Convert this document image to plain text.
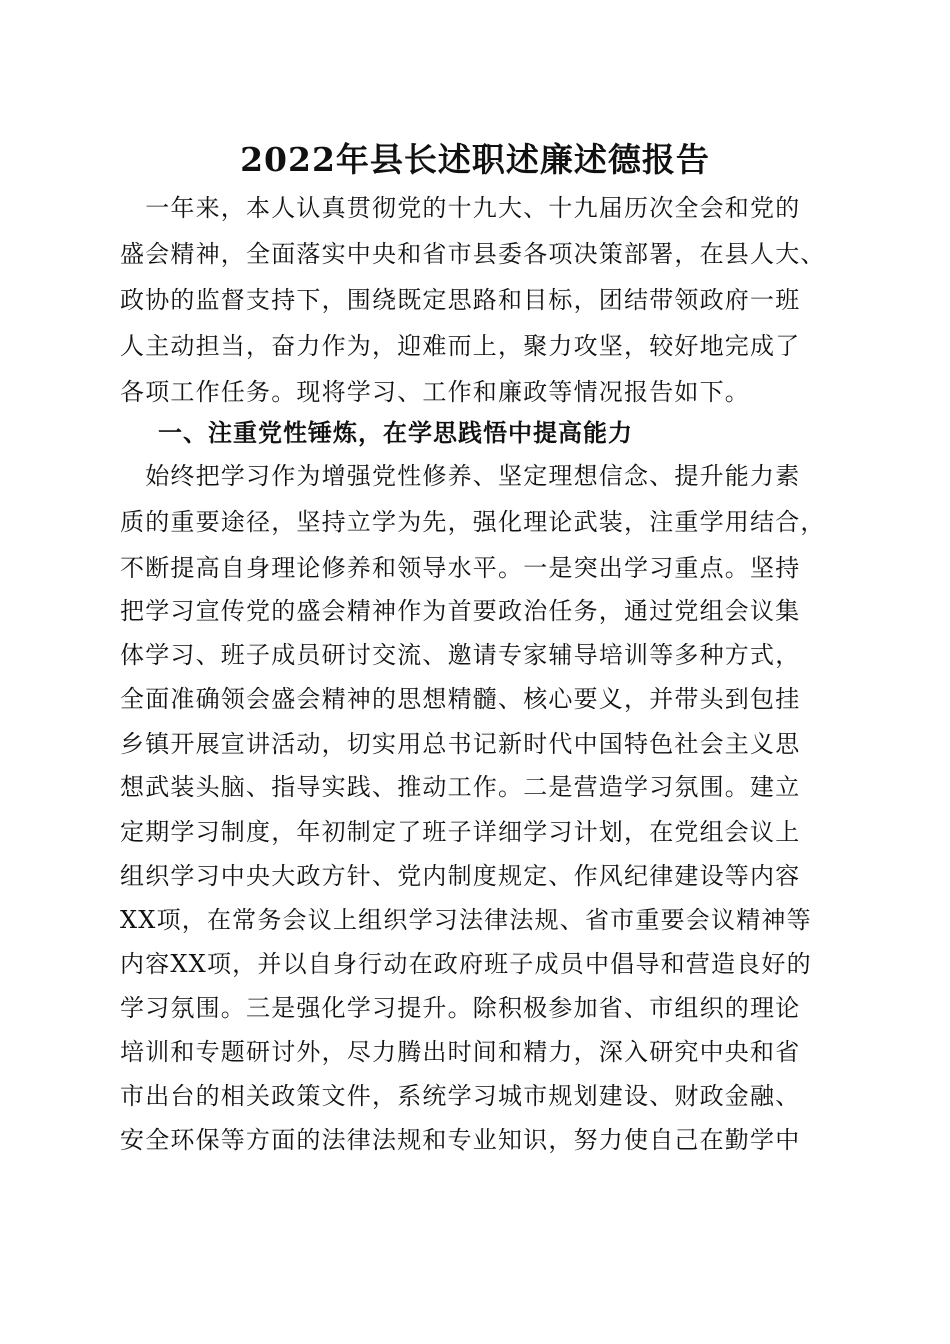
2022年县长述职述廉述德报告
　一年来，本人认真贯彻党的十九大、十九届历次全会和党的
盛会精神，全面落实中央和省市县委各项决策部署，在县人大、
政协的监督支持下，围绕既定思路和目标，团结带领政府一班
人主动担当，奋力作为，迎难而上，聚力攻坚，较好地完成了
各项工作任务。现将学习、工作和廉政等情况报告如下。
一、注重党性锤炼，在学思践悟中提高能力
　始终把学习作为增强党性修养、坚定理想信念、提升能力素
质的重要途径，坚持立学为先，强化理论武装，注重学用结合，
不断提高自身理论修养和领导水平。一是突出学习重点。坚持
把学习宣传党的盛会精神作为首要政治任务，通过党组会议集
体学习、班子成员研讨交流、邀请专家辅导培训等多种方式，
全面准确领会盛会精神的思想精髓、核心要义，并带头到包挂
乡镇开展宣讲活动，切实用总书记新时代中国特色社会主义思
想武装头脑、指导实践、推动工作。二是营造学习氛围。建立
定期学习制度，年初制定了班子详细学习计划，在党组会议上
组织学习中央大政方针、党内制度规定、作风纪律建设等内容
XX项，在常务会议上组织学习法律法规、省市重要会议精神等
内容XX项，并以自身行动在政府班子成员中倡导和营造良好的
学习氛围。三是强化学习提升。除积极参加省、市组织的理论
培训和专题研讨外，尽力腾出时间和精力，深入研究中央和省
市出台的相关政策文件，系统学习城市规划建设、财政金融、
安全环保等方面的法律法规和专业知识，努力使自己在勤学中
